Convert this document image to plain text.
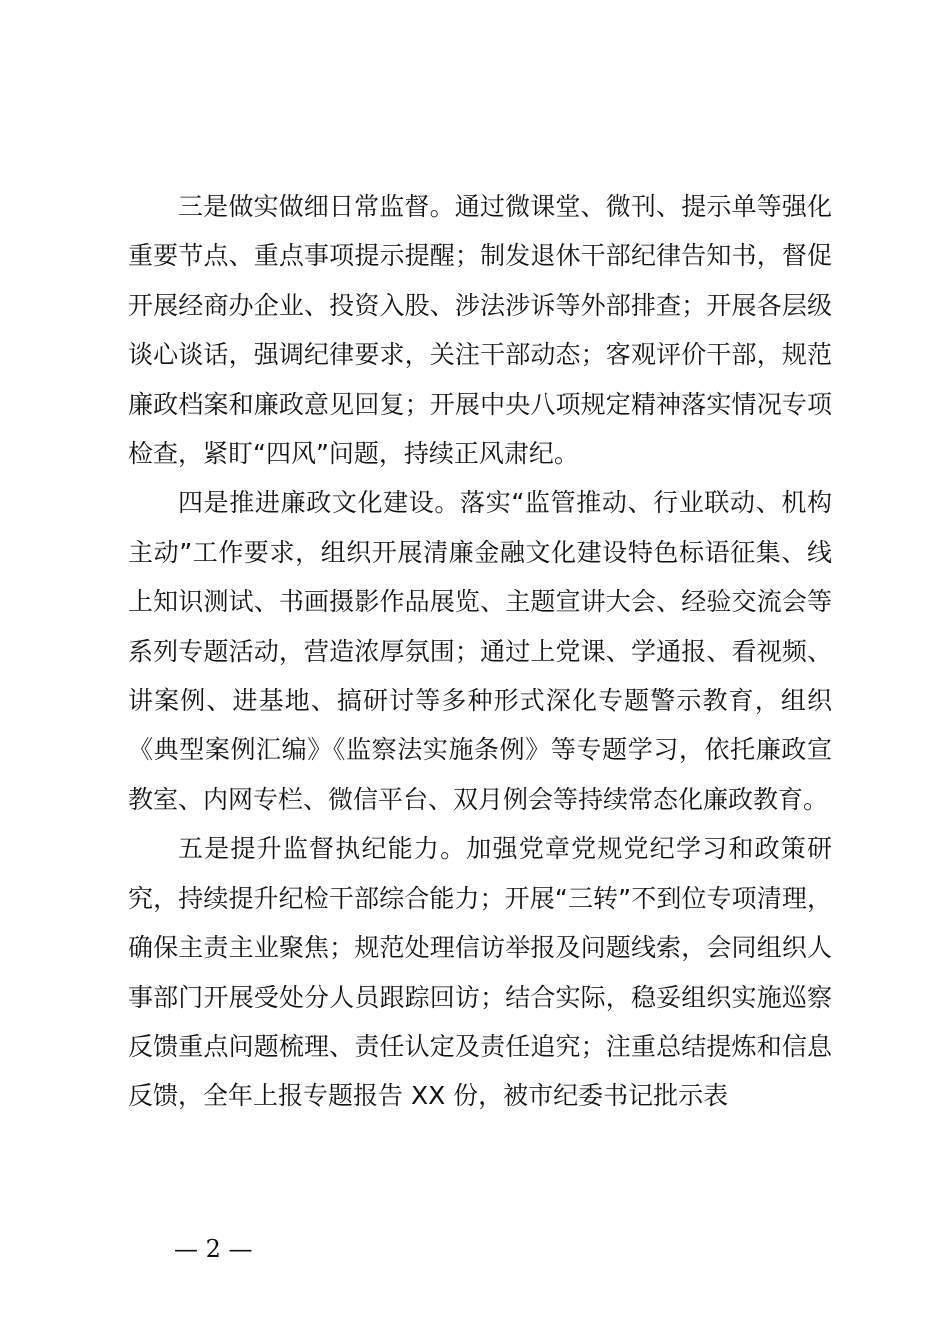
三是做实做细日常监督。通过微课堂、微刊、提示单等强化重要节点、重点事项提示提醒；制发退休干部纪律告知书，督促开展经商办企业、投资入股、涉法涉诉等外部排查；开展各层级谈心谈话，强调纪律要求，关注干部动态；客观评价干部，规范廉政档案和廉政意见回复；开展中央八项规定精神落实情况专项检查，紧盯“四风”问题，持续正风肃纪。

四是推进廉政文化建设。落实“监管推动、行业联动、机构主动”工作要求，组织开展清廉金融文化建设特色标语征集、线上知识测试、书画摄影作品展览、主题宣讲大会、经验交流会等系列专题活动，营造浓厚氛围；通过上党课、学通报、看视频、讲案例、进基地、搞研讨等多种形式深化专题警示教育，组织《典型案例汇编》《监察法实施条例》等专题学习，依托廉政宣教室、内网专栏、微信平台、双月例会等持续常态化廉政教育。

五是提升监督执纪能力。加强党章党规党纪学习和政策研究，持续提升纪检干部综合能力；开展“三转”不到位专项清理，确保主责主业聚焦；规范处理信访举报及问题线索，会同组织人事部门开展受处分人员跟踪回访；结合实际，稳妥组织实施巡察反馈重点问题梳理、责任认定及责任追究；注重总结提炼和信息反馈，全年上报专题报告 XX 份，被市纪委书记批示表

— 2 —
